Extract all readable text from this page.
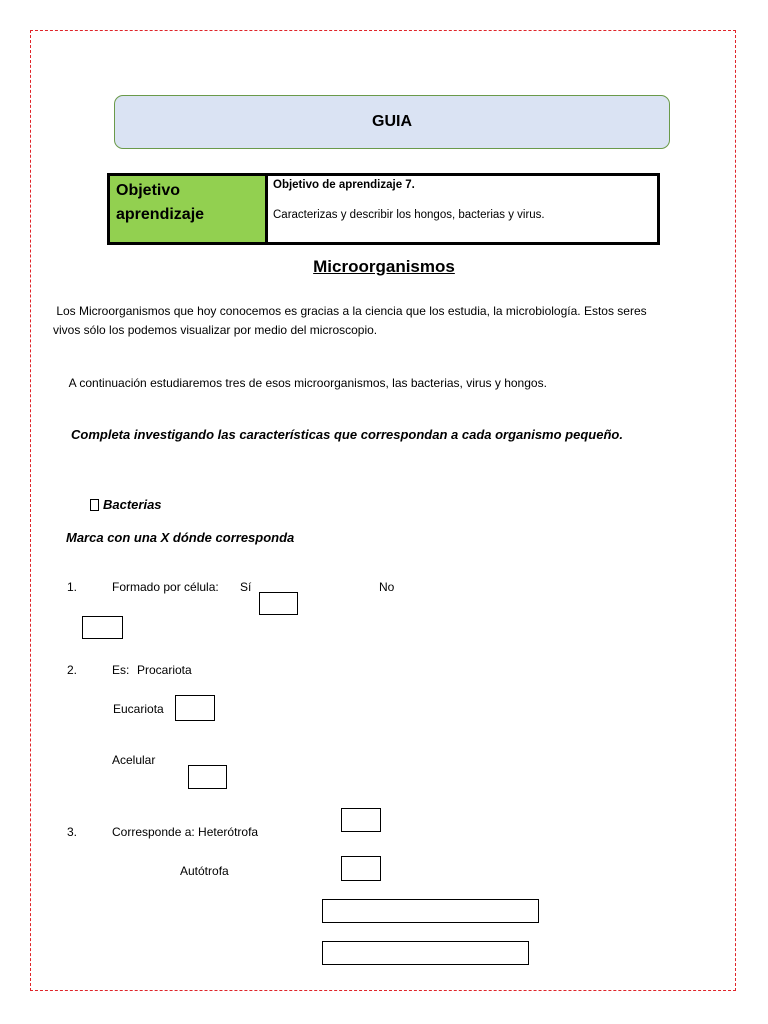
GUIA
Objetivo
aprendizaje
Objetivo de aprendizaje 7.
Caracterizas y describir los hongos, bacterias y virus.
Microorganismos
Los Microorganismos que hoy conocemos es gracias a la ciencia que los estudia, la microbiología. Estos seres
vivos sólo los podemos visualizar por medio del microscopio.
A continuación estudiaremos tres de esos microorganismos, las bacterias, virus y hongos.
Completa investigando las características que correspondan a cada organismo pequeño.
Bacterias
Marca con una X dónde corresponda
1.	Formado por célula: Sí	No
2.	Es: Procariota
Eucariota
Acelular
3.	Corresponde a: Heterótrofa
Autótrofa
